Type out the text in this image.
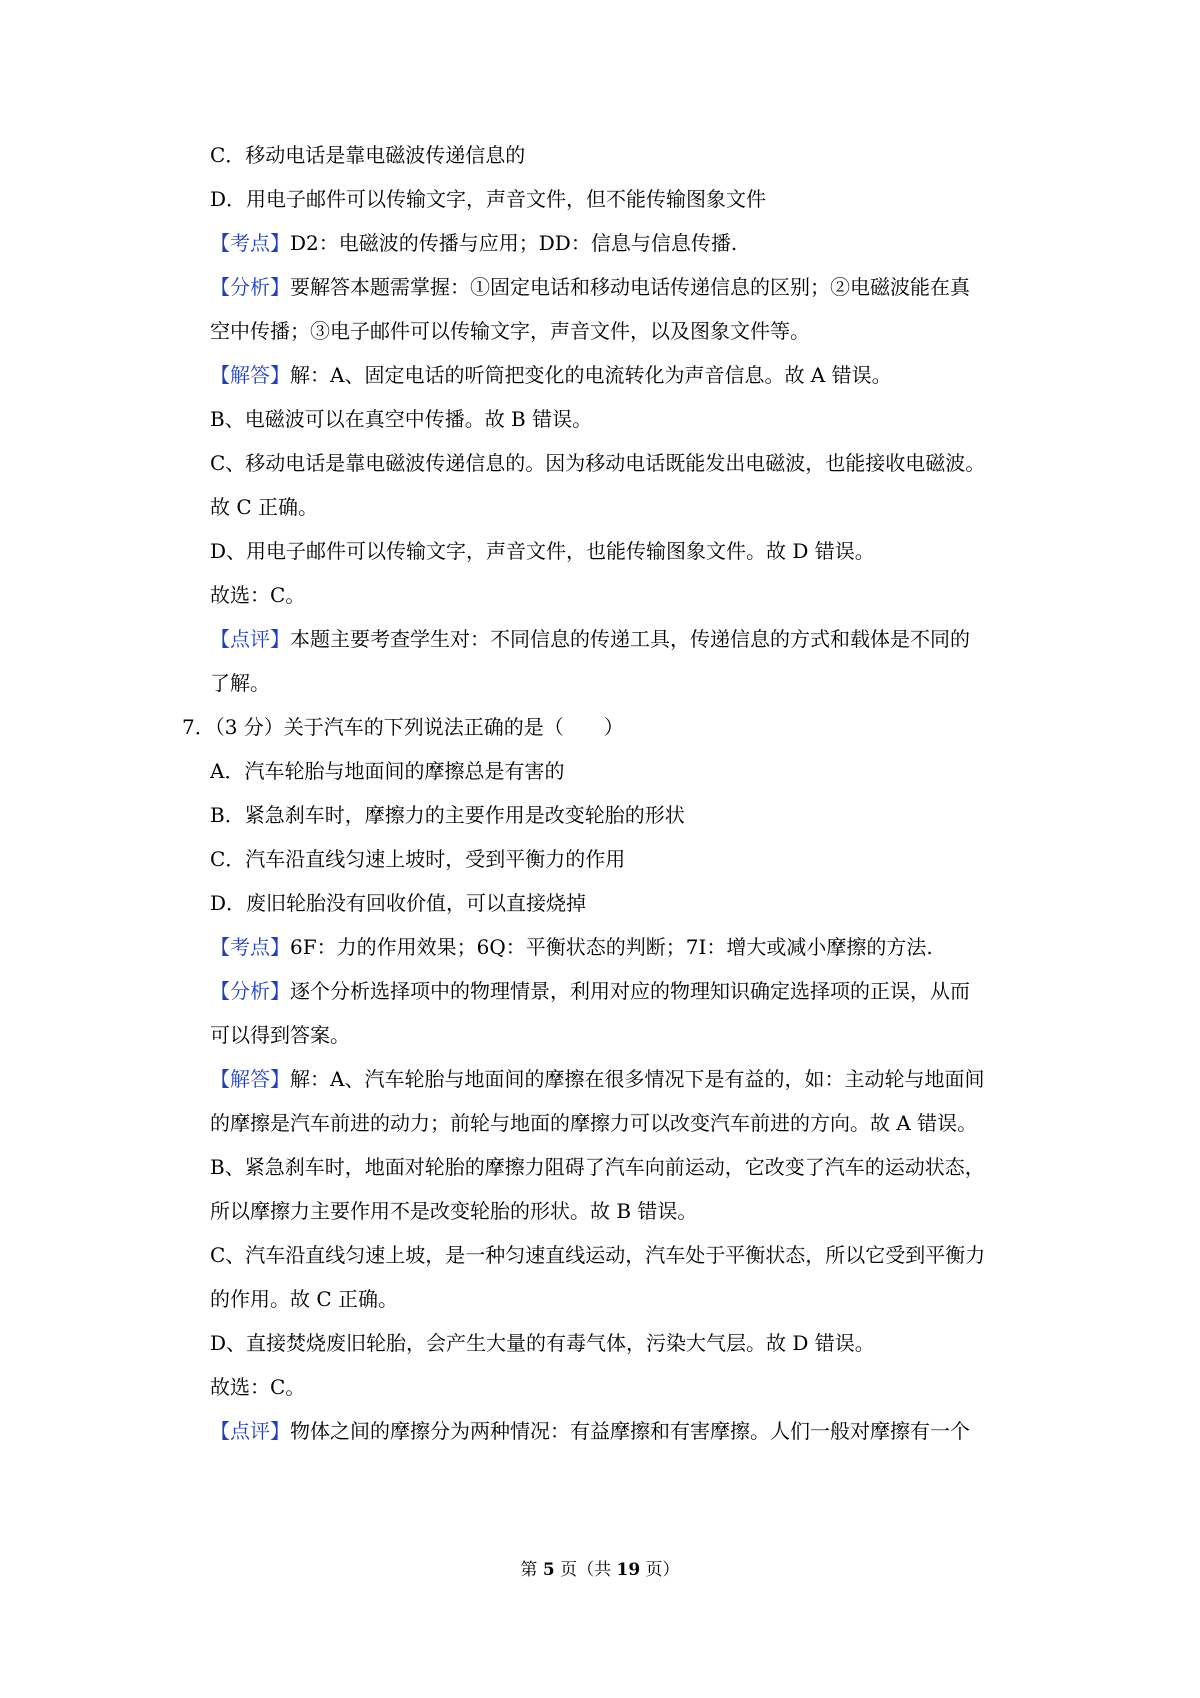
C．移动电话是靠电磁波传递信息的
D．用电子邮件可以传输文字，声音文件，但不能传输图象文件
【考点】D2：电磁波的传播与应用；DD：信息与信息传播.
【分析】要解答本题需掌握：①固定电话和移动电话传递信息的区别；②电磁波能在真
空中传播；③电子邮件可以传输文字，声音文件，以及图象文件等。
【解答】解：A、固定电话的听筒把变化的电流转化为声音信息。故 A 错误。
B、电磁波可以在真空中传播。故 B 错误。
C、移动电话是靠电磁波传递信息的。因为移动电话既能发出电磁波，也能接收电磁波。
故 C 正确。
D、用电子邮件可以传输文字，声音文件，也能传输图象文件。故 D 错误。
故选：C。
【点评】本题主要考查学生对：不同信息的传递工具，传递信息的方式和载体是不同的
了解。
7．（3 分）关于汽车的下列说法正确的是（　　）
A．汽车轮胎与地面间的摩擦总是有害的
B．紧急刹车时，摩擦力的主要作用是改变轮胎的形状
C．汽车沿直线匀速上坡时，受到平衡力的作用
D．废旧轮胎没有回收价值，可以直接烧掉
【考点】6F：力的作用效果；6Q：平衡状态的判断；7I：增大或减小摩擦的方法.
【分析】逐个分析选择项中的物理情景，利用对应的物理知识确定选择项的正误，从而
可以得到答案。
【解答】解：A、汽车轮胎与地面间的摩擦在很多情况下是有益的，如：主动轮与地面间
的摩擦是汽车前进的动力；前轮与地面的摩擦力可以改变汽车前进的方向。故 A 错误。
B、紧急刹车时，地面对轮胎的摩擦力阻碍了汽车向前运动，它改变了汽车的运动状态，
所以摩擦力主要作用不是改变轮胎的形状。故 B 错误。
C、汽车沿直线匀速上坡，是一种匀速直线运动，汽车处于平衡状态，所以它受到平衡力
的作用。故 C 正确。
D、直接焚烧废旧轮胎，会产生大量的有毒气体，污染大气层。故 D 错误。
故选：C。
【点评】物体之间的摩擦分为两种情况：有益摩擦和有害摩擦。人们一般对摩擦有一个
第 5 页（共 19 页）
